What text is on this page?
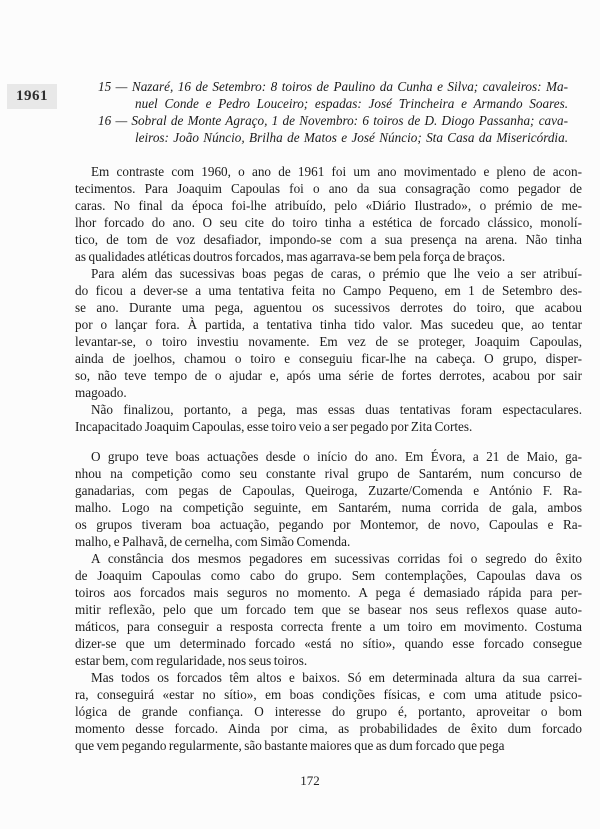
1961
15 — Nazaré, 16 de Setembro: 8 toiros de Paulino da Cunha e Silva; cavaleiros: Ma-
nuel Conde e Pedro Louceiro; espadas: José Trincheira e Armando Soares.
16 — Sobral de Monte Agraço, 1 de Novembro: 6 toiros de D. Diogo Passanha; cava-
leiros: João Núncio, Brilha de Matos e José Núncio; Sta Casa da Misericórdia.
Em contraste com 1960, o ano de 1961 foi um ano movimentado e pleno de acon-
tecimentos. Para Joaquim Capoulas foi o ano da sua consagração como pegador de
caras. No final da época foi-lhe atribuído, pelo «Diário Ilustrado», o prémio de me-
lhor forcado do ano. O seu cite do toiro tinha a estética de forcado clássico, monolí-
tico, de tom de voz desafiador, impondo-se com a sua presença na arena. Não tinha
as qualidades atléticas doutros forcados, mas agarrava-se bem pela força de braços.
Para além das sucessivas boas pegas de caras, o prémio que lhe veio a ser atribuí-
do ficou a dever-se a uma tentativa feita no Campo Pequeno, em 1 de Setembro des-
se ano. Durante uma pega, aguentou os sucessivos derrotes do toiro, que acabou
por o lançar fora. À partida, a tentativa tinha tido valor. Mas sucedeu que, ao tentar
levantar-se, o toiro investiu novamente. Em vez de se proteger, Joaquim Capoulas,
ainda de joelhos, chamou o toiro e conseguiu ficar-lhe na cabeça. O grupo, disper-
so, não teve tempo de o ajudar e, após uma série de fortes derrotes, acabou por sair
magoado.
Não finalizou, portanto, a pega, mas essas duas tentativas foram espectaculares.
Incapacitado Joaquim Capoulas, esse toiro veio a ser pegado por Zita Cortes.
O grupo teve boas actuações desde o início do ano. Em Évora, a 21 de Maio, ga-
nhou na competição como seu constante rival grupo de Santarém, num concurso de
ganadarias, com pegas de Capoulas, Queiroga, Zuzarte/Comenda e António F. Ra-
malho. Logo na competição seguinte, em Santarém, numa corrida de gala, ambos
os grupos tiveram boa actuação, pegando por Montemor, de novo, Capoulas e Ra-
malho, e Palhavã, de cernelha, com Simão Comenda.
A constância dos mesmos pegadores em sucessivas corridas foi o segredo do êxito
de Joaquim Capoulas como cabo do grupo. Sem contemplações, Capoulas dava os
toiros aos forcados mais seguros no momento. A pega é demasiado rápida para per-
mitir reflexão, pelo que um forcado tem que se basear nos seus reflexos quase auto-
máticos, para conseguir a resposta correcta frente a um toiro em movimento. Costuma
dizer-se que um determinado forcado «está no sítio», quando esse forcado consegue
estar bem, com regularidade, nos seus toiros.
Mas todos os forcados têm altos e baixos. Só em determinada altura da sua carrei-
ra, conseguirá «estar no sítio», em boas condições físicas, e com uma atitude psico-
lógica de grande confiança. O interesse do grupo é, portanto, aproveitar o bom
momento desse forcado. Ainda por cima, as probabilidades de êxito dum forcado
que vem pegando regularmente, são bastante maiores que as dum forcado que pega
172
